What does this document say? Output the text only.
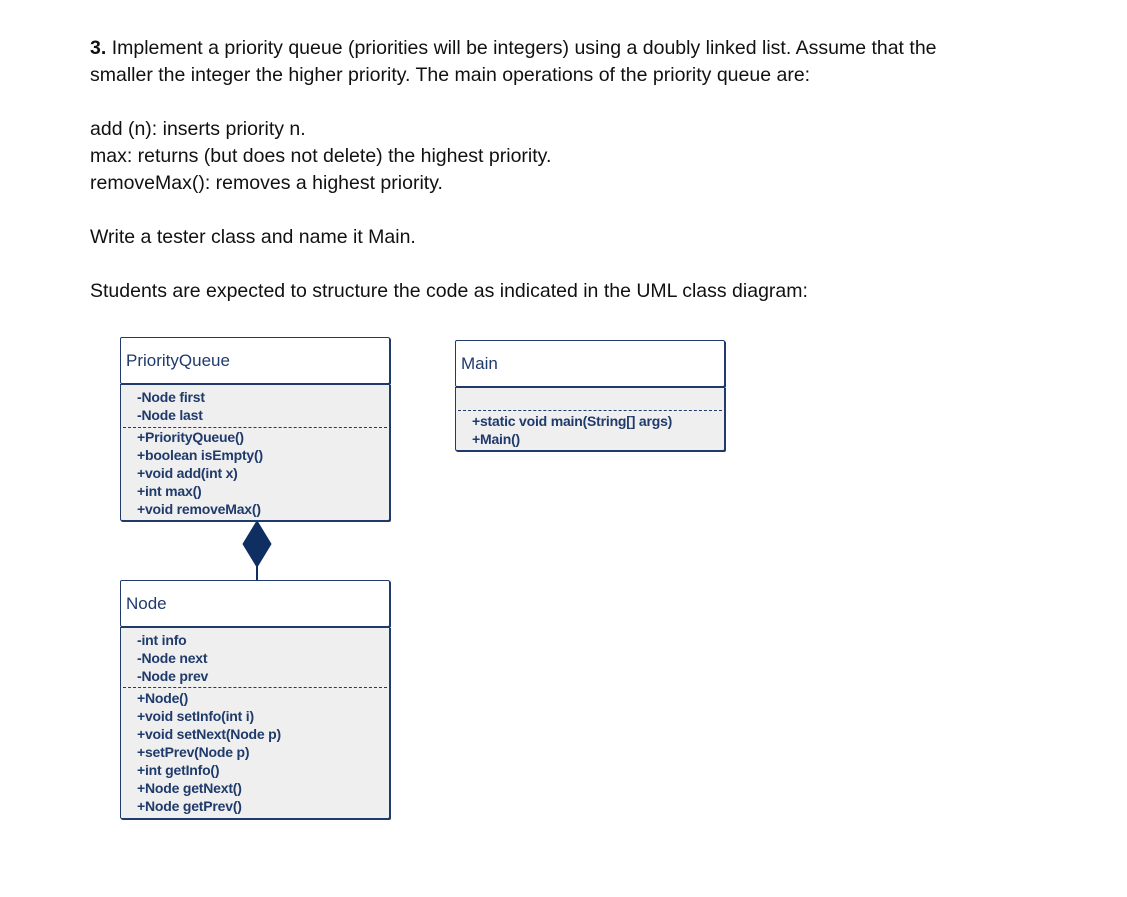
3. Implement a priority queue (priorities will be integers) using a doubly linked list. Assume that the

smaller the integer the higher priority. The main operations of the priority queue are:

add (n): inserts priority n.

max: returns (but does not delete) the highest priority.

removeMax(): removes a highest priority.

Write a tester class and name it Main.

Students are expected to structure the code as indicated in the UML class diagram:

PriorityQueue
-Node first
-Node last
+PriorityQueue()
+boolean isEmpty()
+void add(int x)
+int max()
+void removeMax()
Main
+static void main(String[] args)
+Main()
Node
-int info
-Node next
-Node prev
+Node()
+void setInfo(int i)
+void setNext(Node p)
+setPrev(Node p)
+int getInfo()
+Node getNext()
+Node getPrev()
